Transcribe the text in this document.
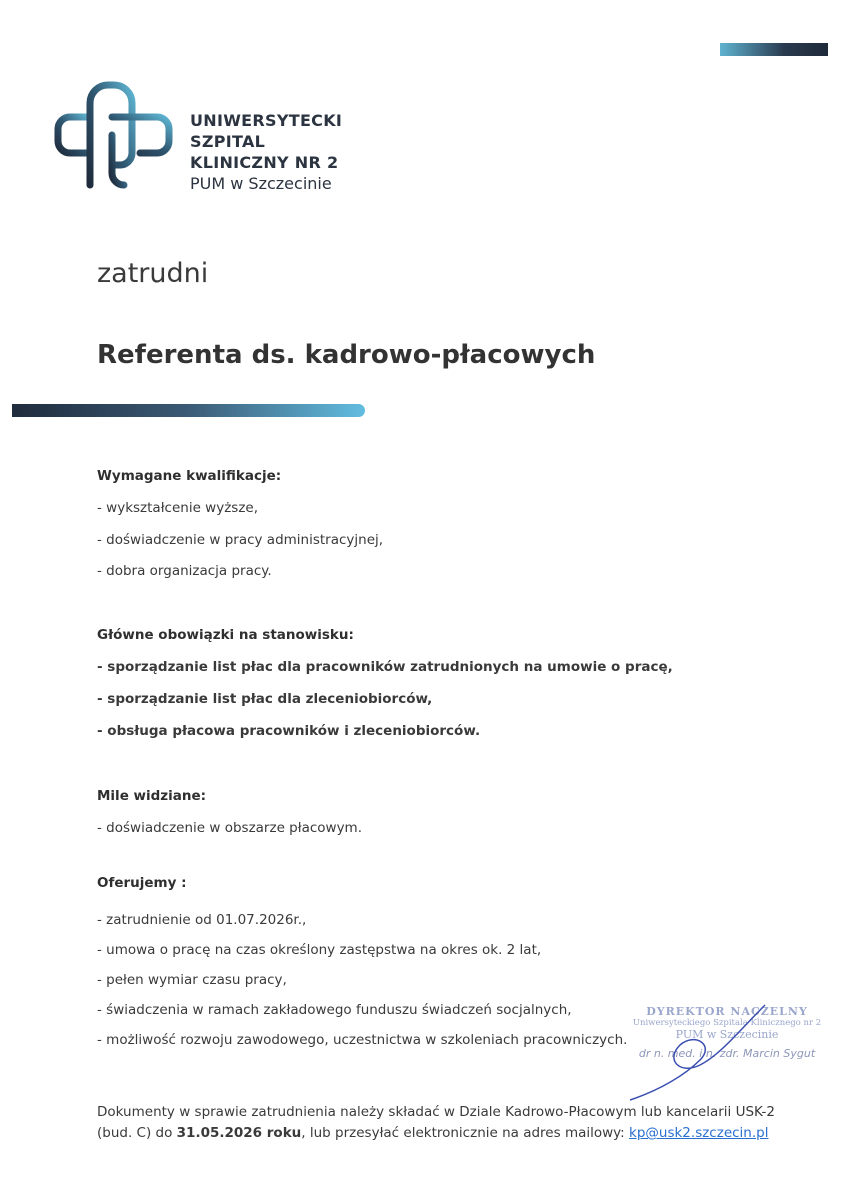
UNIWERSYTECKI
SZPITAL
KLINICZNY NR 2
PUM w Szczecinie
zatrudni
Referenta ds. kadrowo-płacowych
Wymagane kwalifikacje:
- wykształcenie wyższe,
- doświadczenie w pracy administracyjnej,
- dobra organizacja pracy.
Główne obowiązki na stanowisku:
- sporządzanie list płac dla pracowników zatrudnionych na umowie o pracę,
- sporządzanie list płac dla zleceniobiorców,
- obsługa płacowa pracowników i zleceniobiorców.
Mile widziane:
- doświadczenie w obszarze płacowym.
Oferujemy :
- zatrudnienie od 01.07.2026r.,
- umowa o pracę na czas określony zastępstwa na okres ok. 2 lat,
- pełen wymiar czasu pracy,
- świadczenia w ramach zakładowego funduszu świadczeń socjalnych,
- możliwość rozwoju zawodowego, uczestnictwa w szkoleniach pracowniczych.
DYREKTOR NACZELNY
Uniwersyteckiego Szpitala Klinicznego nr 2
PUM w Szczecinie
dr n. med. i n. zdr. Marcin Sygut
Dokumenty w sprawie zatrudnienia należy składać w Dziale Kadrowo-Płacowym lub kancelarii USK-2
(bud. C) do 31.05.2026 roku, lub przesyłać elektronicznie na adres mailowy: kp@usk2.szczecin.pl
